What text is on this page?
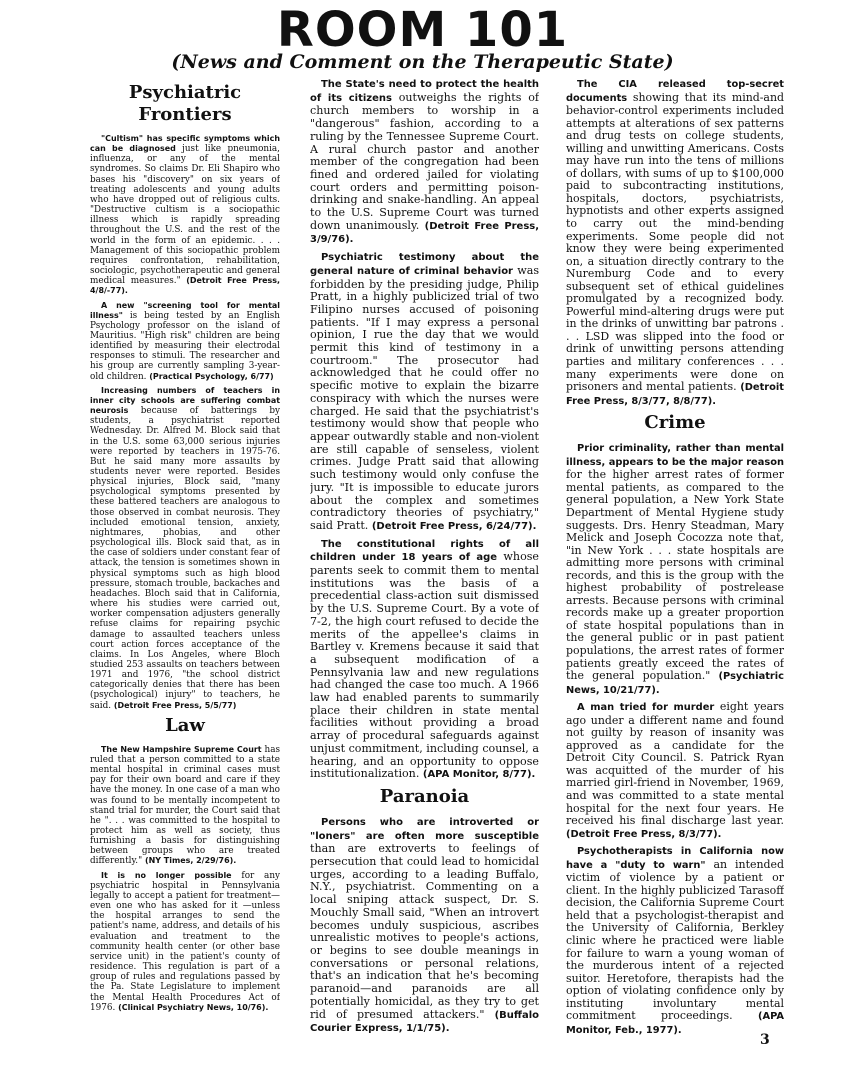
ROOM 101
(News and Comment on the Therapeutic State)
Psychiatric Frontiers

"Cultism" has specific symptoms which can be diagnosed just like pneumonia, influenza, or any of the mental syndromes. So claims Dr. Eli Shapiro who bases his "discovery" on six years of treating adolescents and young adults who have dropped out of religious cults. "Destructive cultism is a sociopathic illness which is rapidly spreading throughout the U.S. and the rest of the world in the form of an epidemic. . . . Management of this sociopathic problem requires confrontation, rehabilitation, sociologic, psychotherapeutic and general medical measures." (Detroit Free Press, 4/8/-77).

A new "screening tool for mental illness" is being tested by an English Psychology professor on the island of Mauritius. "High risk" children are being identified by measuring their electrodal responses to stimuli. The researcher and his group are currently sampling 3-year-old children. (Practical Psychology, 6/77)

Increasing numbers of teachers in inner city schools are suffering combat neurosis because of batterings by students, a psychiatrist reported Wednesday. Dr. Alfred M. Block said that in the U.S. some 63,000 serious injuries were reported by teachers in 1975-76. But he said many more assaults by students never were reported. Besides physical injuries, Block said, "many psychological symptoms presented by these battered teachers are analogous to those observed in combat neurosis. They included emotional tension, anxiety, nightmares, phobias, and other psychological ills. Block said that, as in the case of soldiers under constant fear of attack, the tension is sometimes shown in physical symptoms such as high blood pressure, stomach trouble, backaches and headaches. Bloch said that in California, where his studies were carried out, worker compensation adjusters generally refuse claims for repairing psychic damage to assaulted teachers unless court action forces acceptance of the claims. In Los Angeles, where Bloch studied 253 assaults on teachers between 1971 and 1976, "the school district categorically denies that there has been (psychological) injury" to teachers, he said. (Detroit Free Press, 5/5/77)

Law

The New Hampshire Supreme Court has ruled that a person committed to a state mental hospital in criminal cases must pay for their own board and care if they have the money. In one case of a man who was found to be mentally incompetent to stand trial for murder, the Court said that he ". . . was committed to the hospital to protect him as well as society, thus furnishing a basis for distinguishing between groups who are treated differently." (NY Times, 2/29/76).

It is no longer possible for any psychiatric hospital in Pennsylvania legally to accept a patient for treatment—even one who has asked for it —unless the hospital arranges to send the patient's name, address, and details of his evaluation and treatment to the community health center (or other base service unit) in the patient's county of residence. This regulation is part of a group of rules and regulations passed by the Pa. State Legislature to implement the Mental Health Procedures Act of 1976. (Clinical Psychiatry News, 10/76).

The State's need to protect the health of its citizens outweighs the rights of church members to worship in a "dangerous" fashion, according to a ruling by the Tennessee Supreme Court. A rural church pastor and another member of the congregation had been fined and ordered jailed for violating court orders and permitting poison-drinking and snake-handling. An appeal to the U.S. Supreme Court was turned down unanimously. (Detroit Free Press, 3/9/76).

Psychiatric testimony about the general nature of criminal behavior was forbidden by the presiding judge, Philip Pratt, in a highly publicized trial of two Filipino nurses accused of poisoning patients. "If I may express a personal opinion, I rue the day that we would permit this kind of testimony in a courtroom." The prosecutor had acknowledged that he could offer no specific motive to explain the bizarre conspiracy with which the nurses were charged. He said that the psychiatrist's testimony would show that people who appear outwardly stable and non-violent are still capable of senseless, violent crimes. Judge Pratt said that allowing such testimony would only confuse the jury. "It is impossible to educate jurors about the complex and sometimes contradictory theories of psychiatry," said Pratt. (Detroit Free Press, 6/24/77).

The constitutional rights of all children under 18 years of age whose parents seek to commit them to mental institutions was the basis of a precedential class-action suit dismissed by the U.S. Supreme Court. By a vote of 7-2, the high court refused to decide the merits of the appellee's claims in Bartley v. Kremens because it said that a subsequent modification of a Pennsylvania law and new regulations had changed the case too much. A 1966 law had enabled parents to summarily place their children in state mental facilities without providing a broad array of procedural safeguards against unjust commitment, including counsel, a hearing, and an opportunity to oppose institutionalization. (APA Monitor, 8/77).

Paranoia

Persons who are introverted or "loners" are often more susceptible than are extroverts to feelings of persecution that could lead to homicidal urges, according to a leading Buffalo, N.Y., psychiatrist. Commenting on a local sniping attack suspect, Dr. S. Mouchly Small said, "When an introvert becomes unduly suspicious, ascribes unrealistic motives to people's actions, or begins to see double meanings in conversations or personal relations, that's an indication that he's becoming paranoid—and paranoids are all potentially homicidal, as they try to get rid of presumed attackers." (Buffalo Courier Express, 1/1/75).

The CIA released top-secret documents showing that its mind-and behavior-control experiments included attempts at alterations of sex patterns and drug tests on college students, willing and unwitting Americans. Costs may have run into the tens of millions of dollars, with sums of up to $100,000 paid to subcontracting institutions, hospitals, doctors, psychiatrists, hypnotists and other experts assigned to carry out the mind-bending experiments. Some people did not know they were being experimented on, a situation directly contrary to the Nuremburg Code and to every subsequent set of ethical guidelines promulgated by a recognized body. Powerful mind-altering drugs were put in the drinks of unwitting bar patrons . . . LSD was slipped into the food or drink of unwitting persons attending parties and military conferences . . . many experiments were done on prisoners and mental patients. (Detroit Free Press, 8/3/77, 8/8/77).

Crime

Prior criminality, rather than mental illness, appears to be the major reason for the higher arrest rates of former mental patients, as compared to the general population, a New York State Department of Mental Hygiene study suggests. Drs. Henry Steadman, Mary Melick and Joseph Cocozza note that, "in New York . . . state hospitals are admitting more persons with criminal records, and this is the group with the highest probability of postrelease arrests. Because persons with criminal records make up a greater proportion of state hospital populations than in the general public or in past patient populations, the arrest rates of former patients greatly exceed the rates of the general population." (Psychiatric News, 10/21/77).

A man tried for murder eight years ago under a different name and found not guilty by reason of insanity was approved as a candidate for the Detroit City Council. S. Patrick Ryan was acquitted of the murder of his married girl-friend in November, 1969, and was committed to a state mental hospital for the next four years. He received his final discharge last year. (Detroit Free Press, 8/3/77).

Psychotherapists in California now have a "duty to warn" an intended victim of violence by a patient or client. In the highly publicized Tarasoff decision, the California Supreme Court held that a psychologist-therapist and the University of California, Berkley clinic where he practiced were liable for failure to warn a young woman of the murderous intent of a rejected suitor. Heretofore, therapists had the option of violating confidence only by instituting involuntary mental commitment proceedings.	(APA Monitor, Feb., 1977).

3
